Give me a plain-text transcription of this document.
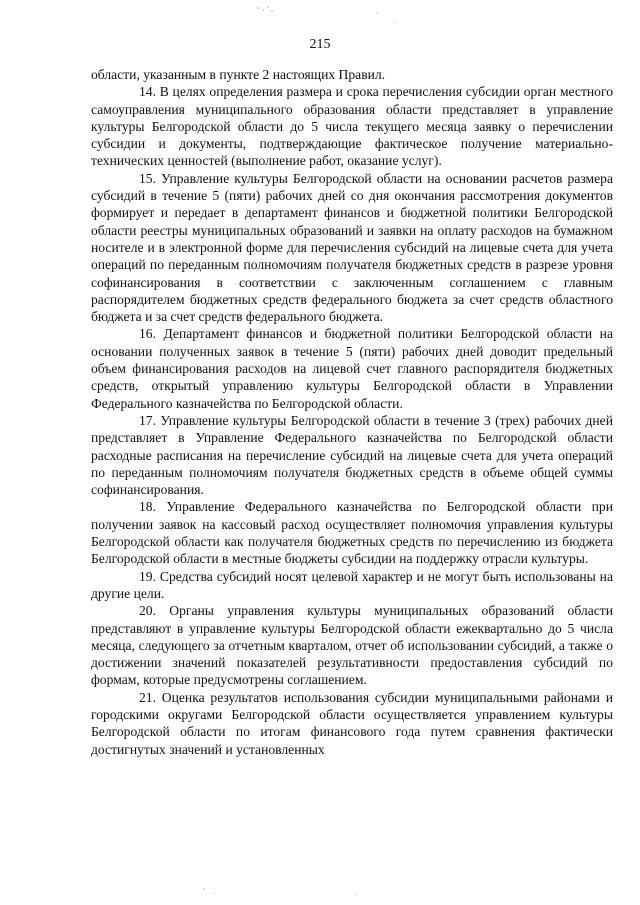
215

области, указанным в пункте 2 настоящих Правил.

14. В целях определения размера и срока перечисления субсидии орган местного самоуправления муниципального образования области представляет в управление культуры Белгородской области до 5 числа текущего месяца заявку о перечислении субсидии и документы, подтверждающие фактическое получение материально-технических ценностей (выполнение работ, оказание услуг).

15. Управление культуры Белгородской области на основании расчетов размера субсидий в течение 5 (пяти) рабочих дней со дня окончания рассмотрения документов формирует и передает в департамент финансов и бюджетной политики Белгородской области реестры муниципальных образований и заявки на оплату расходов на бумажном носителе и в электронной форме для перечисления субсидий на лицевые счета для учета операций по переданным полномочиям получателя бюджетных средств в разрезе уровня софинансирования в соответствии с заключенным соглашением с главным распорядителем бюджетных средств федерального бюджета за счет средств областного бюджета и за счет средств федерального бюджета.

16. Департамент финансов и бюджетной политики Белгородской области на основании полученных заявок в течение 5 (пяти) рабочих дней доводит предельный объем финансирования расходов на лицевой счет главного распорядителя бюджетных средств, открытый управлению культуры Белгородской области в Управлении Федерального казначейства по Белгородской области.

17. Управление культуры Белгородской области в течение 3 (трех) рабочих дней представляет в Управление Федерального казначейства по Белгородской области расходные расписания на перечисление субсидий на лицевые счета для учета операций по переданным полномочиям получателя бюджетных средств в объеме общей суммы софинансирования.

18. Управление Федерального казначейства по Белгородской области при получении заявок на кассовый расход осуществляет полномочия управления культуры Белгородской области как получателя бюджетных средств по перечислению из бюджета Белгородской области в местные бюджеты субсидии на поддержку отрасли культуры.

19. Средства субсидий носят целевой характер и не могут быть использованы на другие цели.

20. Органы управления культуры муниципальных образований области представляют в управление культуры Белгородской области ежеквартально до 5 числа месяца, следующего за отчетным кварталом, отчет об использовании субсидий, а также о достижении значений показателей результативности предоставления субсидий по формам, которые предусмотрены соглашением.

21. Оценка результатов использования субсидии муниципальными районами и городскими округами Белгородской области осуществляется управлением культуры Белгородской области по итогам финансового года путем сравнения фактически достигнутых значений и установленных
